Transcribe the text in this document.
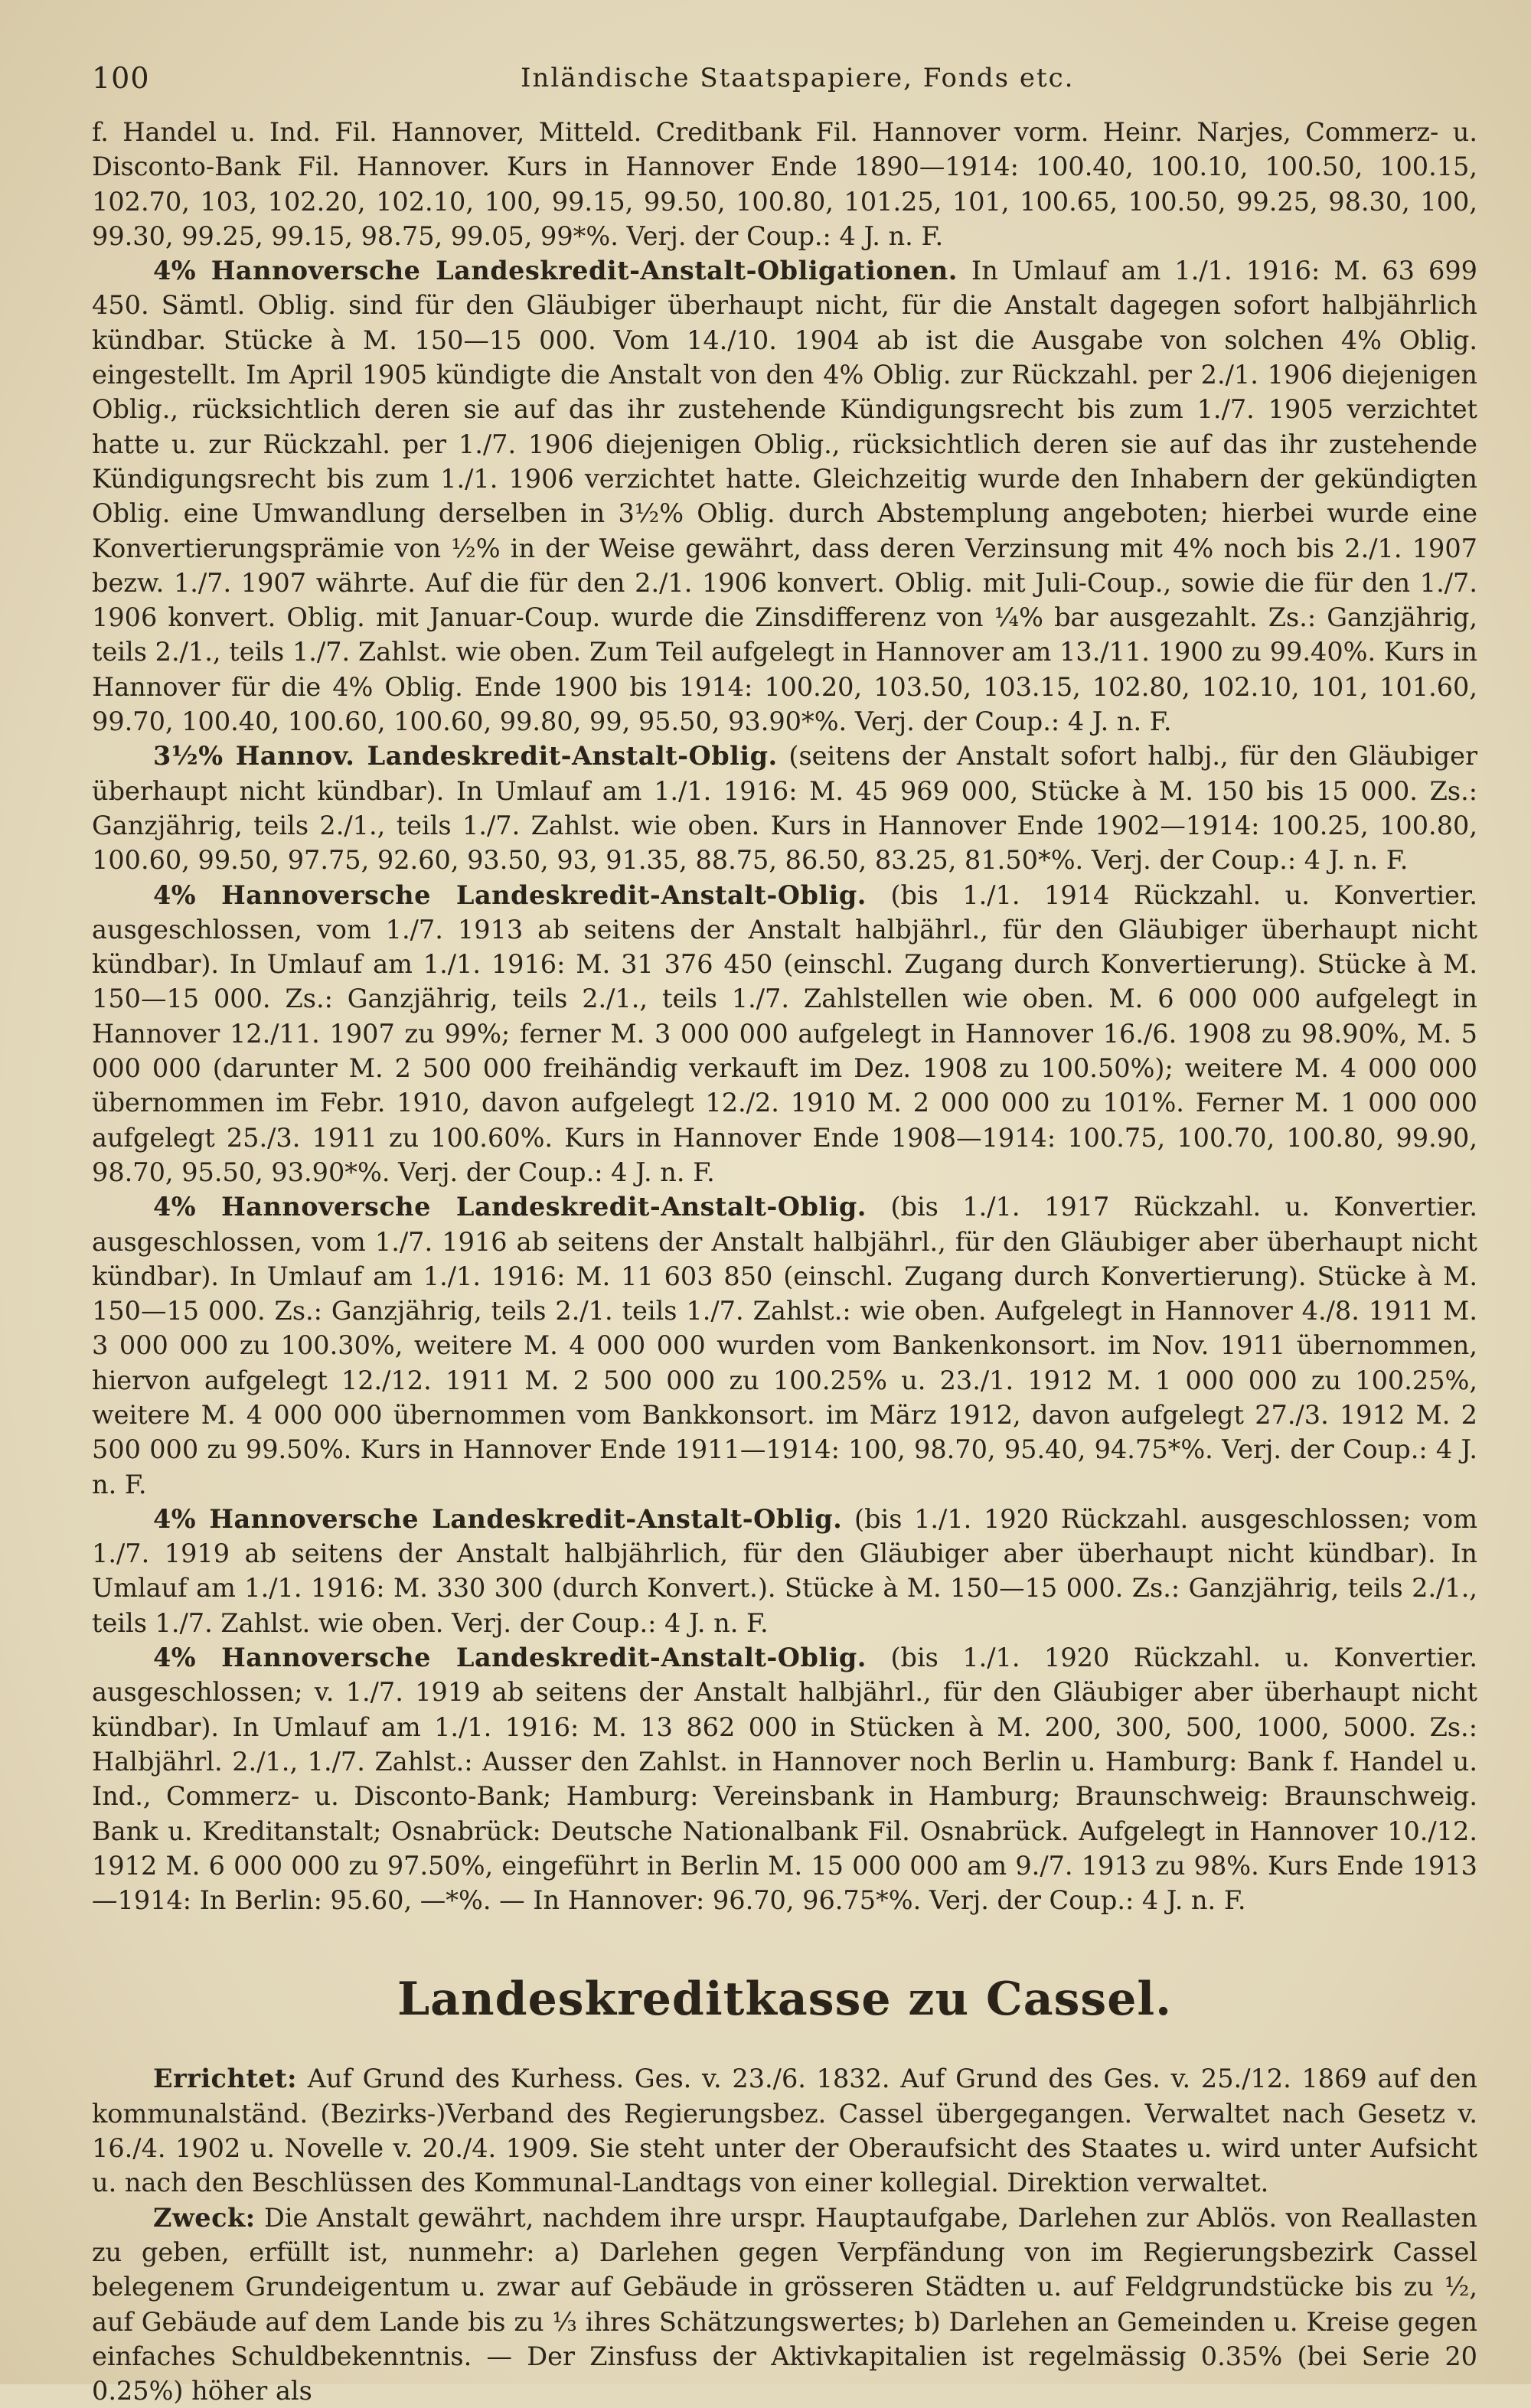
100	Inländische Staatspapiere, Fonds etc.

f. Handel u. Ind. Fil. Hannover, Mitteld. Creditbank Fil. Hannover vorm. Heinr. Narjes, Commerz- u. Disconto-Bank Fil. Hannover. Kurs in Hannover Ende 1890—1914: 100.40, 100.10, 100.50, 100.15, 102.70, 103, 102.20, 102.10, 100, 99.15, 99.50, 100.80, 101.25, 101, 100.65, 100.50, 99.25, 98.30, 100, 99.30, 99.25, 99.15, 98.75, 99.05, 99*%. Verj. der Coup.: 4 J. n. F.

4% Hannoversche Landeskredit-Anstalt-Obligationen. In Umlauf am 1./1. 1916: M. 63 699 450. Sämtl. Oblig. sind für den Gläubiger überhaupt nicht, für die Anstalt dagegen sofort halbjährlich kündbar. Stücke à M. 150—15 000. Vom 14./10. 1904 ab ist die Ausgabe von solchen 4% Oblig. eingestellt. Im April 1905 kündigte die Anstalt von den 4% Oblig. zur Rückzahl. per 2./1. 1906 diejenigen Oblig., rücksichtlich deren sie auf das ihr zustehende Kündigungsrecht bis zum 1./7. 1905 verzichtet hatte u. zur Rückzahl. per 1./7. 1906 diejenigen Oblig., rücksichtlich deren sie auf das ihr zustehende Kündigungsrecht bis zum 1./1. 1906 verzichtet hatte. Gleichzeitig wurde den Inhabern der gekündigten Oblig. eine Umwandlung derselben in 3½% Oblig. durch Abstemplung angeboten; hierbei wurde eine Konvertierungsprämie von ½% in der Weise gewährt, dass deren Verzinsung mit 4% noch bis 2./1. 1907 bezw. 1./7. 1907 währte. Auf die für den 2./1. 1906 konvert. Oblig. mit Juli-Coup., sowie die für den 1./7. 1906 konvert. Oblig. mit Januar-Coup. wurde die Zinsdifferenz von ¼% bar ausgezahlt. Zs.: Ganzjährig, teils 2./1., teils 1./7. Zahlst. wie oben. Zum Teil aufgelegt in Hannover am 13./11. 1900 zu 99.40%. Kurs in Hannover für die 4% Oblig. Ende 1900 bis 1914: 100.20, 103.50, 103.15, 102.80, 102.10, 101, 101.60, 99.70, 100.40, 100.60, 100.60, 99.80, 99, 95.50, 93.90*%. Verj. der Coup.: 4 J. n. F.

3½% Hannov. Landeskredit-Anstalt-Oblig. (seitens der Anstalt sofort halbj., für den Gläubiger überhaupt nicht kündbar). In Umlauf am 1./1. 1916: M. 45 969 000, Stücke à M. 150 bis 15 000. Zs.: Ganzjährig, teils 2./1., teils 1./7. Zahlst. wie oben. Kurs in Hannover Ende 1902—1914: 100.25, 100.80, 100.60, 99.50, 97.75, 92.60, 93.50, 93, 91.35, 88.75, 86.50, 83.25, 81.50*%. Verj. der Coup.: 4 J. n. F.

4% Hannoversche Landeskredit-Anstalt-Oblig. (bis 1./1. 1914 Rückzahl. u. Konvertier. ausgeschlossen, vom 1./7. 1913 ab seitens der Anstalt halbjährl., für den Gläubiger überhaupt nicht kündbar). In Umlauf am 1./1. 1916: M. 31 376 450 (einschl. Zugang durch Konvertierung). Stücke à M. 150—15 000. Zs.: Ganzjährig, teils 2./1., teils 1./7. Zahlstellen wie oben. M. 6 000 000 aufgelegt in Hannover 12./11. 1907 zu 99%; ferner M. 3 000 000 aufgelegt in Hannover 16./6. 1908 zu 98.90%, M. 5 000 000 (darunter M. 2 500 000 freihändig verkauft im Dez. 1908 zu 100.50%); weitere M. 4 000 000 übernommen im Febr. 1910, davon aufgelegt 12./2. 1910 M. 2 000 000 zu 101%. Ferner M. 1 000 000 aufgelegt 25./3. 1911 zu 100.60%. Kurs in Hannover Ende 1908—1914: 100.75, 100.70, 100.80, 99.90, 98.70, 95.50, 93.90*%. Verj. der Coup.: 4 J. n. F.

4% Hannoversche Landeskredit-Anstalt-Oblig. (bis 1./1. 1917 Rückzahl. u. Konvertier. ausgeschlossen, vom 1./7. 1916 ab seitens der Anstalt halbjährl., für den Gläubiger aber überhaupt nicht kündbar). In Umlauf am 1./1. 1916: M. 11 603 850 (einschl. Zugang durch Konvertierung). Stücke à M. 150—15 000. Zs.: Ganzjährig, teils 2./1. teils 1./7. Zahlst.: wie oben. Aufgelegt in Hannover 4./8. 1911 M. 3 000 000 zu 100.30%, weitere M. 4 000 000 wurden vom Bankenkonsort. im Nov. 1911 übernommen, hiervon aufgelegt 12./12. 1911 M. 2 500 000 zu 100.25% u. 23./1. 1912 M. 1 000 000 zu 100.25%, weitere M. 4 000 000 übernommen vom Bankkonsort. im März 1912, davon aufgelegt 27./3. 1912 M. 2 500 000 zu 99.50%. Kurs in Hannover Ende 1911—1914: 100, 98.70, 95.40, 94.75*%. Verj. der Coup.: 4 J. n. F.

4% Hannoversche Landeskredit-Anstalt-Oblig. (bis 1./1. 1920 Rückzahl. ausgeschlossen; vom 1./7. 1919 ab seitens der Anstalt halbjährlich, für den Gläubiger aber überhaupt nicht kündbar). In Umlauf am 1./1. 1916: M. 330 300 (durch Konvert.). Stücke à M. 150—15 000. Zs.: Ganzjährig, teils 2./1., teils 1./7. Zahlst. wie oben. Verj. der Coup.: 4 J. n. F.

4% Hannoversche Landeskredit-Anstalt-Oblig. (bis 1./1. 1920 Rückzahl. u. Konvertier. ausgeschlossen; v. 1./7. 1919 ab seitens der Anstalt halbjährl., für den Gläubiger aber überhaupt nicht kündbar). In Umlauf am 1./1. 1916: M. 13 862 000 in Stücken à M. 200, 300, 500, 1000, 5000. Zs.: Halbjährl. 2./1., 1./7. Zahlst.: Ausser den Zahlst. in Hannover noch Berlin u. Hamburg: Bank f. Handel u. Ind., Commerz- u. Disconto-Bank; Hamburg: Vereinsbank in Hamburg; Braunschweig: Braunschweig. Bank u. Kreditanstalt; Osnabrück: Deutsche Nationalbank Fil. Osnabrück. Aufgelegt in Hannover 10./12. 1912 M. 6 000 000 zu 97.50%, eingeführt in Berlin M. 15 000 000 am 9./7. 1913 zu 98%. Kurs Ende 1913—1914: In Berlin: 95.60, —*%. — In Hannover: 96.70, 96.75*%. Verj. der Coup.: 4 J. n. F.

Landeskreditkasse zu Cassel.

Errichtet: Auf Grund des Kurhess. Ges. v. 23./6. 1832. Auf Grund des Ges. v. 25./12. 1869 auf den kommunalständ. (Bezirks-)Verband des Regierungsbez. Cassel übergegangen. Verwaltet nach Gesetz v. 16./4. 1902 u. Novelle v. 20./4. 1909. Sie steht unter der Oberaufsicht des Staates u. wird unter Aufsicht u. nach den Beschlüssen des Kommunal-Landtags von einer kollegial. Direktion verwaltet.

Zweck: Die Anstalt gewährt, nachdem ihre urspr. Hauptaufgabe, Darlehen zur Ablös. von Reallasten zu geben, erfüllt ist, nunmehr: a) Darlehen gegen Verpfändung von im Regierungsbezirk Cassel belegenem Grundeigentum u. zwar auf Gebäude in grösseren Städten u. auf Feldgrundstücke bis zu ½, auf Gebäude auf dem Lande bis zu ⅓ ihres Schätzungswertes; b) Darlehen an Gemeinden u. Kreise gegen einfaches Schuldbekenntnis. — Der Zinsfuss der Aktivkapitalien ist regelmässig 0.35% (bei Serie 20 0.25%) höher als
